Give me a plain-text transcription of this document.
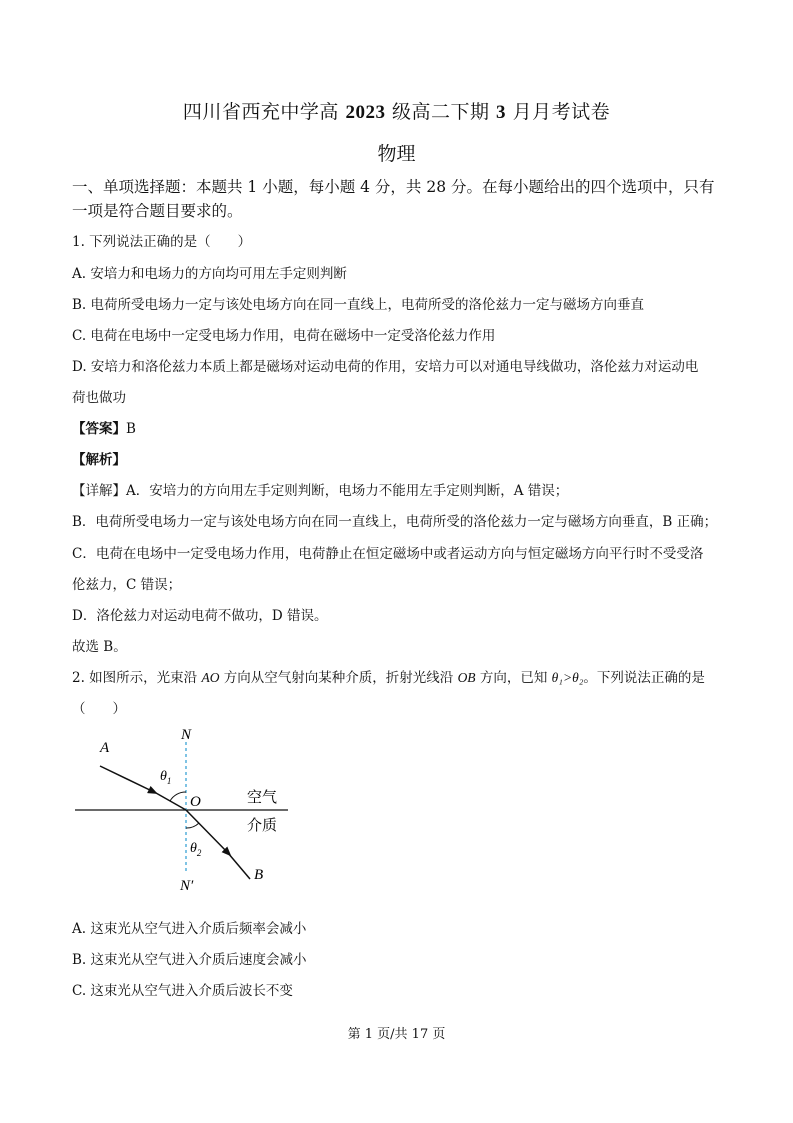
四川省西充中学高 2023 级高二下期 3 月月考试卷
物理
一、单项选择题：本题共 1 小题，每小题 4 分，共 28 分。在每小题给出的四个选项中，只有
一项是符合题目要求的。
1. 下列说法正确的是（　　）
A. 安培力和电场力的方向均可用左手定则判断
B. 电荷所受电场力一定与该处电场方向在同一直线上，电荷所受的洛伦兹力一定与磁场方向垂直
C. 电荷在电场中一定受电场力作用，电荷在磁场中一定受洛伦兹力作用
D. 安培力和洛伦兹力本质上都是磁场对运动电荷的作用，安培力可以对通电导线做功，洛伦兹力对运动电
荷也做功
【答案】B
【解析】
【详解】A．安培力的方向用左手定则判断，电场力不能用左手定则判断，A 错误；
B．电荷所受电场力一定与该处电场方向在同一直线上，电荷所受的洛伦兹力一定与磁场方向垂直，B 正确；
C．电荷在电场中一定受电场力作用，电荷静止在恒定磁场中或者运动方向与恒定磁场方向平行时不受受洛
伦兹力，C 错误；
D．洛伦兹力对运动电荷不做功，D 错误。
故选 B。
2. 如图所示，光束沿 AO 方向从空气射向某种介质，折射光线沿 OB 方向，已知 θ₁>θ₂。下列说法正确的是
（　　）
A
N
$\theta_1$
O	空气
介质
$\theta_2$
N′
B
A. 这束光从空气进入介质后频率会减小
B. 这束光从空气进入介质后速度会减小
C. 这束光从空气进入介质后波长不变
第 1 页/共 17 页
